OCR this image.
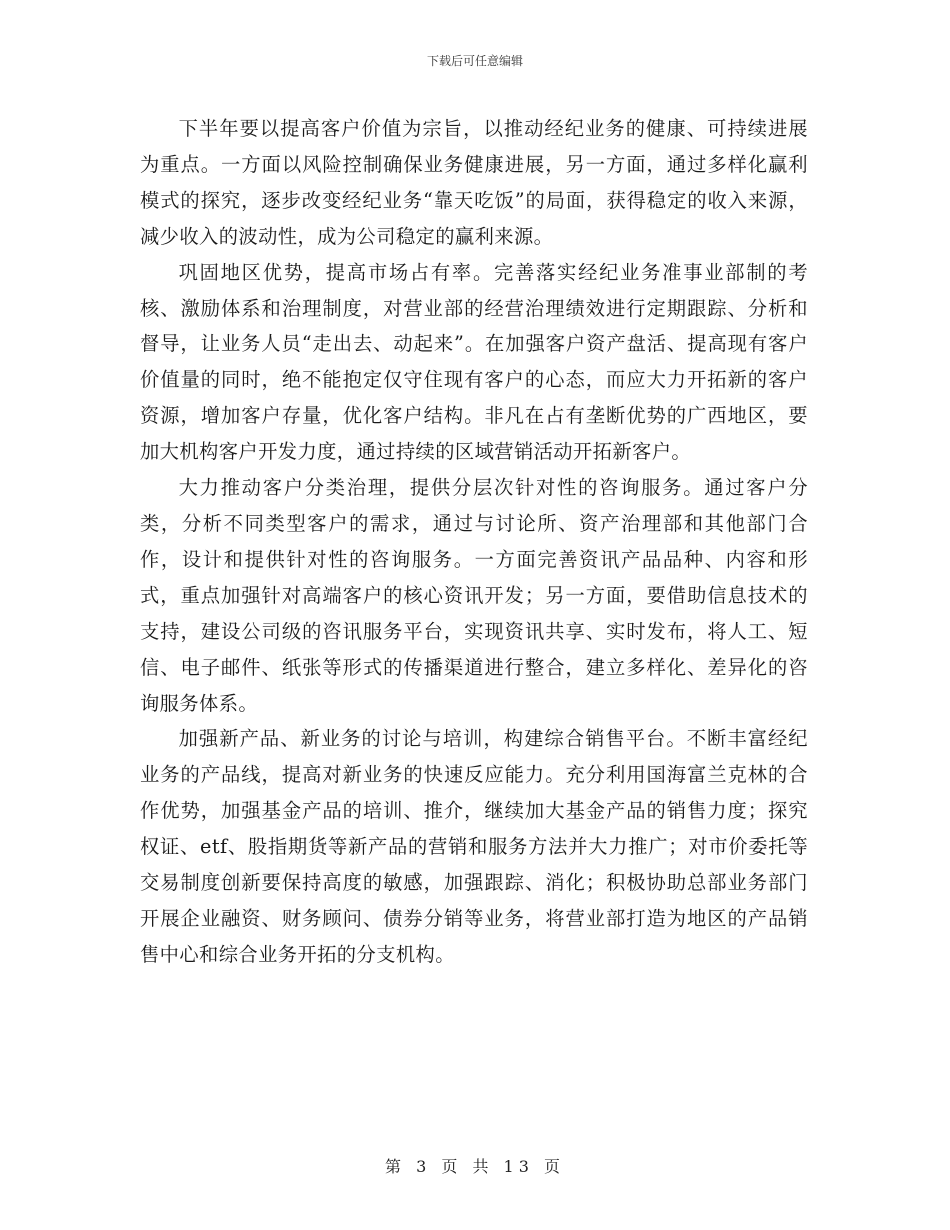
下载后可任意编辑

下半年要以提高客户价值为宗旨，以推动经纪业务的健康、可持续进展为重点。一方面以风险控制确保业务健康进展，另一方面，通过多样化赢利模式的探究，逐步改变经纪业务“靠天吃饭”的局面，获得稳定的收入来源，减少收入的波动性，成为公司稳定的赢利来源。

巩固地区优势，提高市场占有率。完善落实经纪业务准事业部制的考核、激励体系和治理制度，对营业部的经营治理绩效进行定期跟踪、分析和督导，让业务人员“走出去、动起来”。在加强客户资产盘活、提高现有客户价值量的同时，绝不能抱定仅守住现有客户的心态，而应大力开拓新的客户资源，增加客户存量，优化客户结构。非凡在占有垄断优势的广西地区，要加大机构客户开发力度，通过持续的区域营销活动开拓新客户。

大力推动客户分类治理，提供分层次针对性的咨询服务。通过客户分类，分析不同类型客户的需求，通过与讨论所、资产治理部和其他部门合作，设计和提供针对性的咨询服务。一方面完善资讯产品品种、内容和形式，重点加强针对高端客户的核心资讯开发；另一方面，要借助信息技术的支持，建设公司级的咨讯服务平台，实现资讯共享、实时发布，将人工、短信、电子邮件、纸张等形式的传播渠道进行整合，建立多样化、差异化的咨询服务体系。

加强新产品、新业务的讨论与培训，构建综合销售平台。不断丰富经纪业务的产品线，提高对新业务的快速反应能力。充分利用国海富兰克林的合作优势，加强基金产品的培训、推介，继续加大基金产品的销售力度；探究权证、etf、股指期货等新产品的营销和服务方法并大力推广；对市价委托等交易制度创新要保持高度的敏感，加强跟踪、消化；积极协助总部业务部门开展企业融资、财务顾问、债券分销等业务，将营业部打造为地区的产品销售中心和综合业务开拓的分支机构。

第 3 页 共 13 页
